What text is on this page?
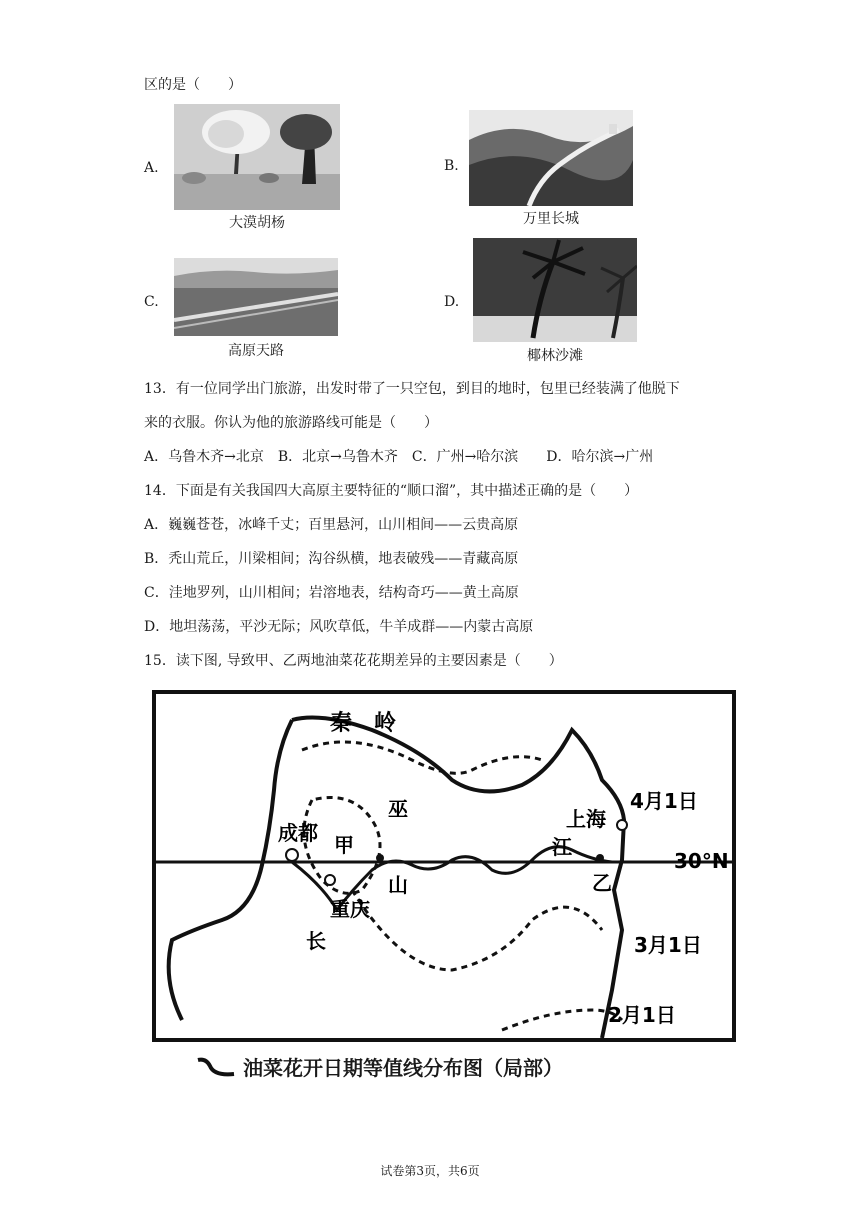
区的是（　　）
A.
大漠胡杨
B.
万里长城
C.
高原天路
D.
椰林沙滩
13．有一位同学出门旅游，出发时带了一只空包，到目的地时，包里已经装满了他脱下
来的衣服。你认为他的旅游路线可能是（　　）
A．乌鲁木齐→北京　B．北京→乌鲁木齐　C．广州→哈尔滨　　D．哈尔滨→广州
14．下面是有关我国四大高原主要特征的“顺口溜”，其中描述正确的是（　　）
A．巍巍苍苍，冰峰千丈；百里悬河，山川相间——云贵高原
B．秃山荒丘，川梁相间；沟谷纵横，地表破残——青藏高原
C．洼地罗列，山川相间；岩溶地表，结构奇巧——黄土高原
D．地坦荡荡，平沙无际；风吹草低，牛羊成群——内蒙古高原
15．读下图, 导致甲、乙两地油菜花花期差异的主要因素是（　　）
秦　岭
成都 甲
巫
山
重庆
长
江
上海
乙
30°N
4月1日
3月1日
2月1日
油菜花开日期等值线分布图（局部）
试卷第3页，共6页
